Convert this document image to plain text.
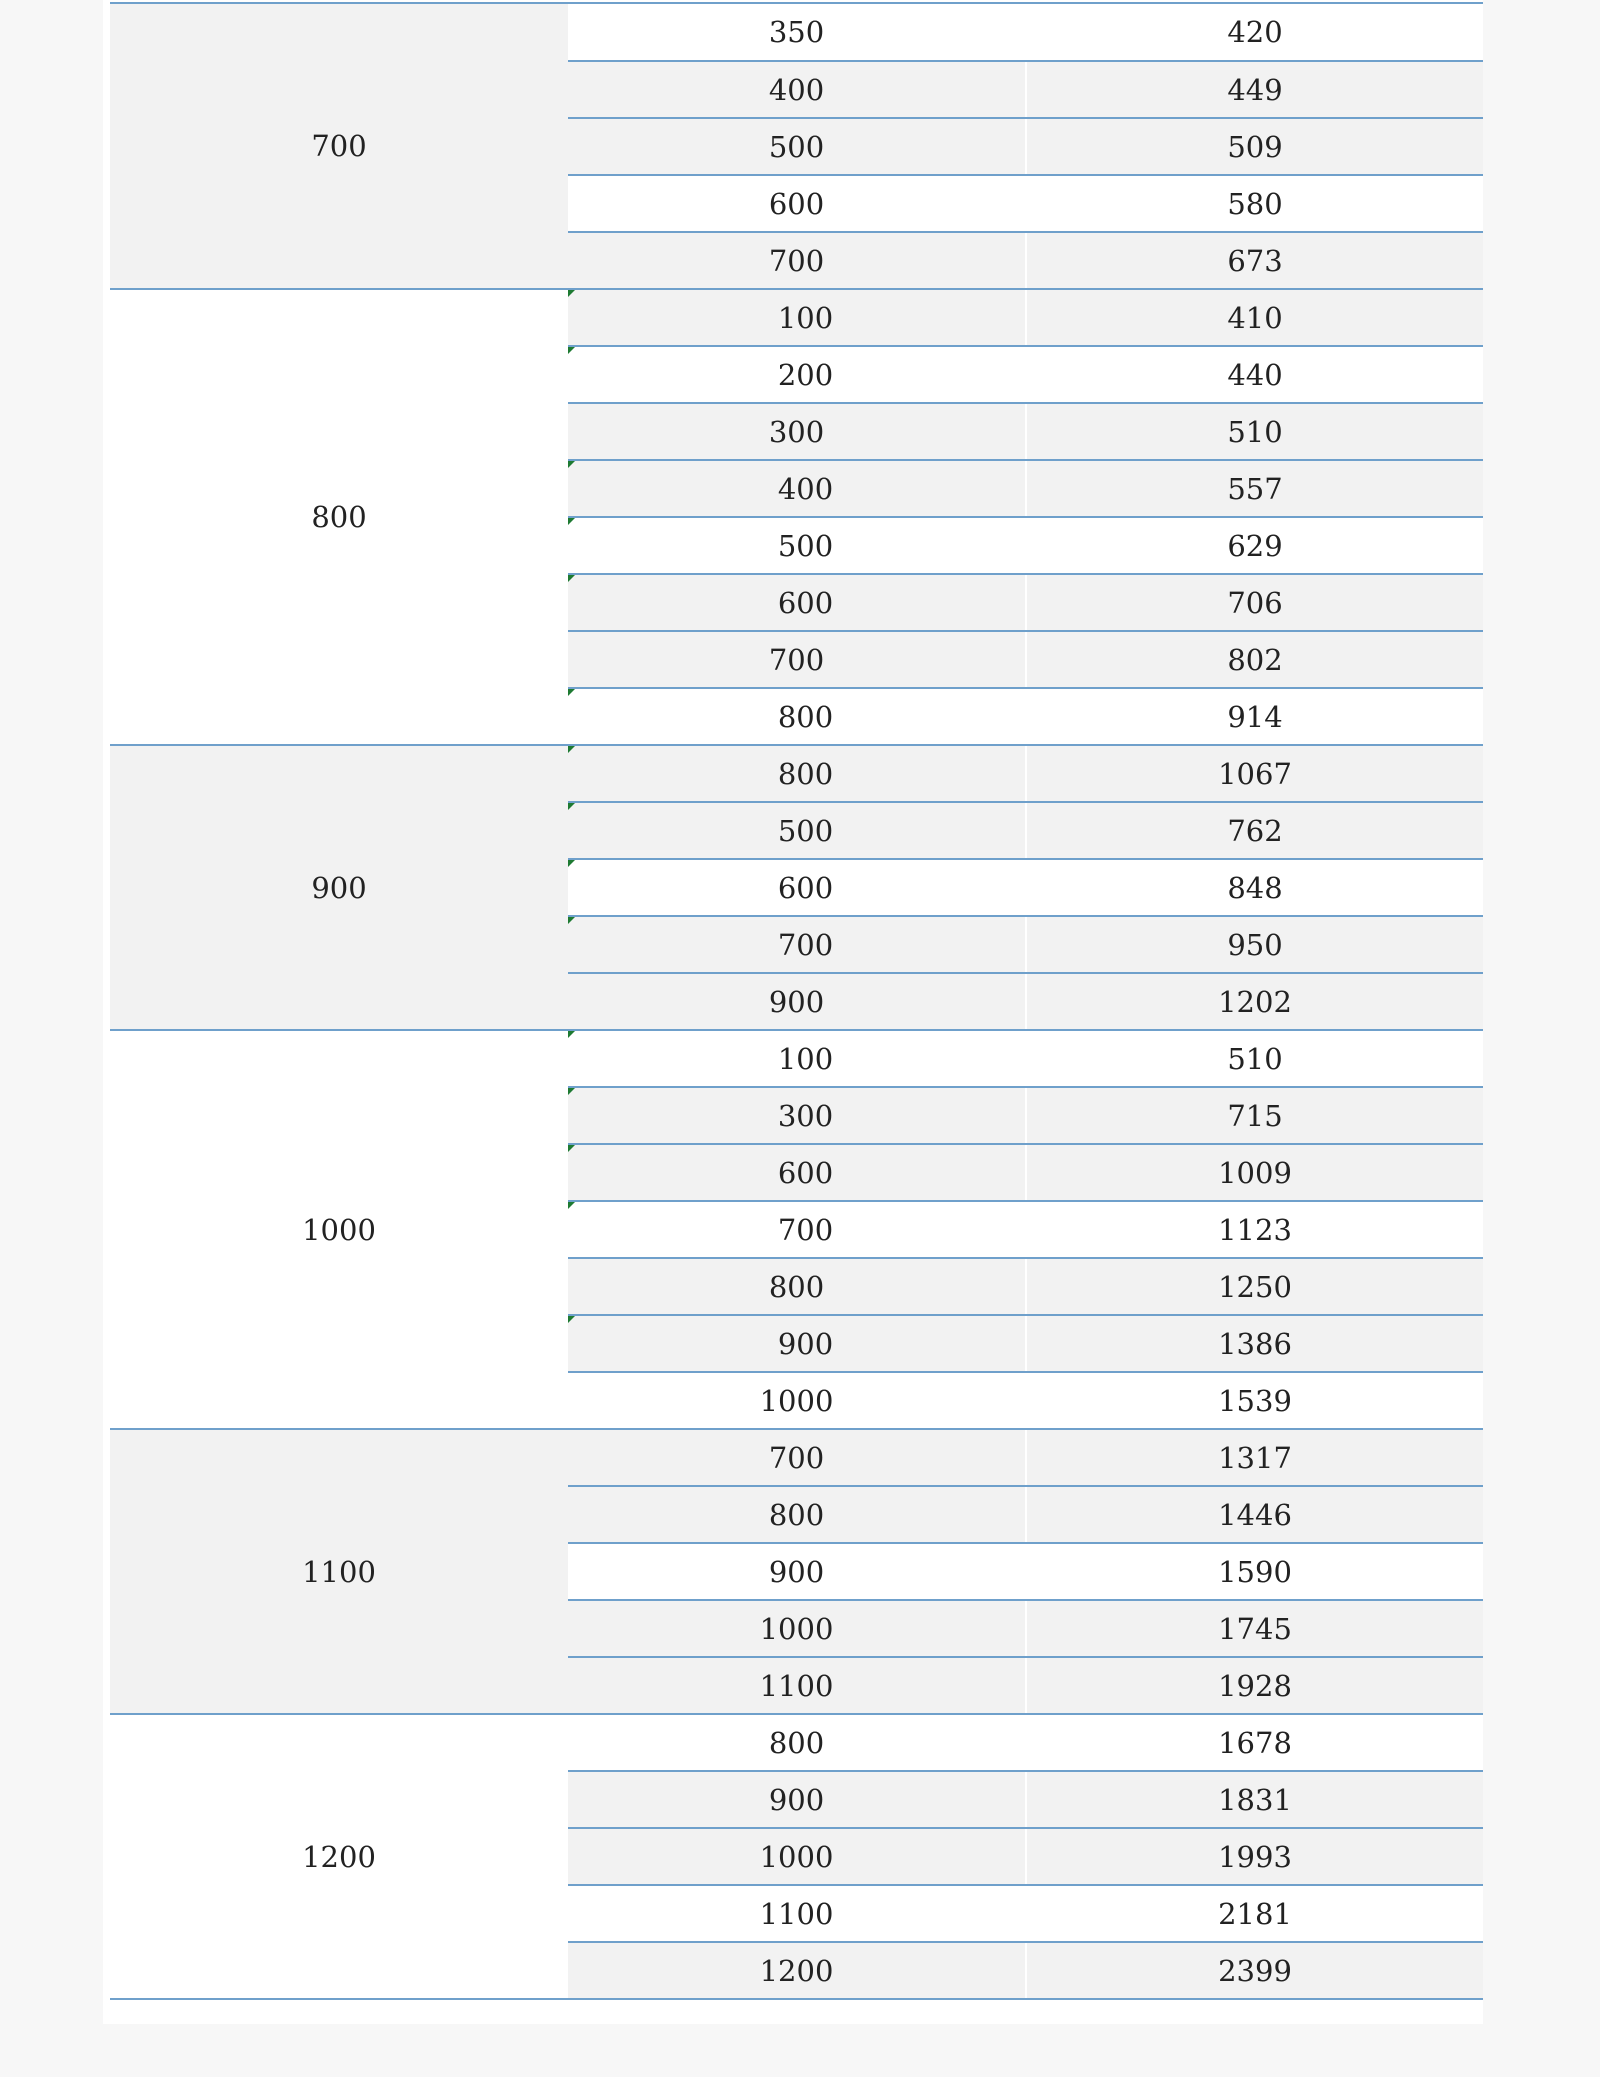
700	350	420
	400	449
	500	509
	600	580
	700	673
800	100	410
	200	440
	300	510
	400	557
	500	629
	600	706
	700	802
	800	914
900	800	1067
	500	762
	600	848
	700	950
	900	1202
1000	100	510
	300	715
	600	1009
	700	1123
	800	1250
	900	1386
	1000	1539
1100	700	1317
	800	1446
	900	1590
	1000	1745
	1100	1928
1200	800	1678
	900	1831
	1000	1993
	1100	2181
	1200	2399
